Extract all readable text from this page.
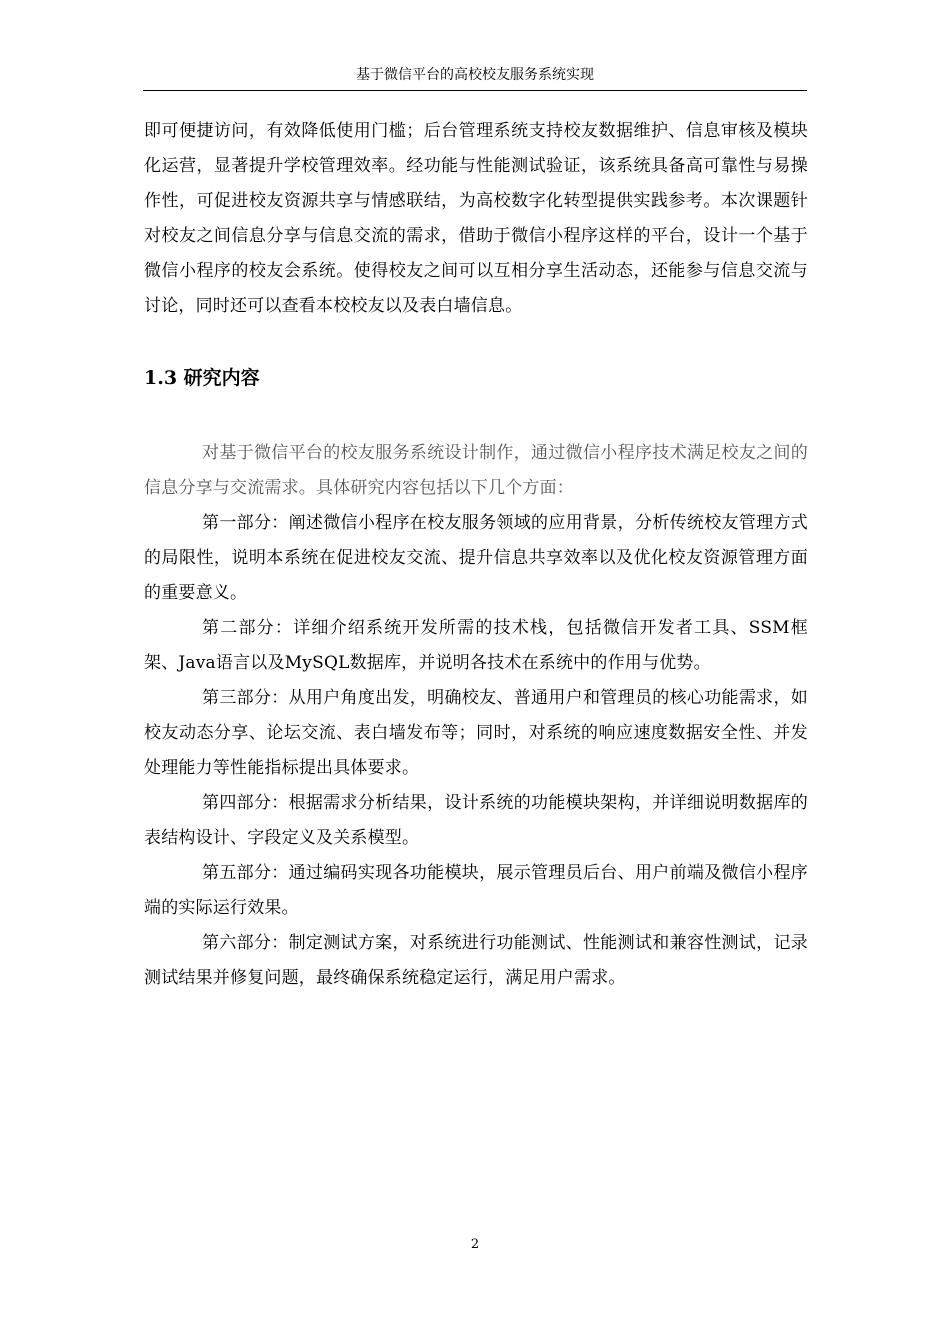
基于微信平台的高校校友服务系统实现

即可便捷访问，有效降低使用门槛；后台管理系统支持校友数据维护、信息审核及模块化运营，显著提升学校管理效率。经功能与性能测试验证，该系统具备高可靠性与易操作性，可促进校友资源共享与情感联结，为高校数字化转型提供实践参考。本次课题针对校友之间信息分享与信息交流的需求，借助于微信小程序这样的平台，设计一个基于微信小程序的校友会系统。使得校友之间可以互相分享生活动态，还能参与信息交流与讨论，同时还可以查看本校校友以及表白墙信息。

1.3 研究内容

对基于微信平台的校友服务系统设计制作，通过微信小程序技术满足校友之间的信息分享与交流需求。具体研究内容包括以下几个方面：

第一部分：阐述微信小程序在校友服务领域的应用背景，分析传统校友管理方式的局限性，说明本系统在促进校友交流、提升信息共享效率以及优化校友资源管理方面的重要意义。

第二部分：详细介绍系统开发所需的技术栈，包括微信开发者工具、SSM框架、Java语言以及MySQL数据库，并说明各技术在系统中的作用与优势。

第三部分：从用户角度出发，明确校友、普通用户和管理员的核心功能需求，如校友动态分享、论坛交流、表白墙发布等；同时，对系统的响应速度数据安全性、并发处理能力等性能指标提出具体要求。

第四部分：根据需求分析结果，设计系统的功能模块架构，并详细说明数据库的表结构设计、字段定义及关系模型。

第五部分：通过编码实现各功能模块，展示管理员后台、用户前端及微信小程序端的实际运行效果。

第六部分：制定测试方案，对系统进行功能测试、性能测试和兼容性测试，记录测试结果并修复问题，最终确保系统稳定运行，满足用户需求。

2
